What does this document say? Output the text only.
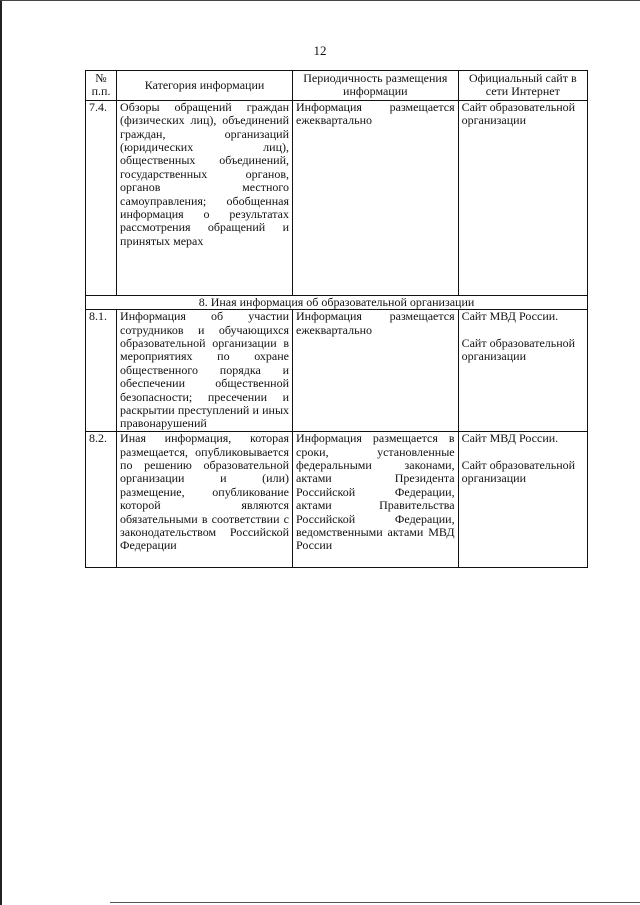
12
№ п.п.	Категория информации	Периодичность размещения информации	Официальный сайт в сети Интернет
7.4.	Обзоры обращений граждан (физических лиц), объединений граждан, организаций (юридических лиц), общественных объединений, государственных органов, органов местного самоуправления; обобщенная информация о результатах рассмотрения обращений и принятых мерах	Информация размещается ежеквартально	Сайт образовательной организации

8. Иная информация об образовательной организации			
8.1.	Информация об участии сотрудников и обучающихся образовательной организации в мероприятиях по охране общественного порядка и обеспечении общественной безопасности; пресечении и раскрытии преступлений и иных правонарушений	Информация размещается ежеквартально	Сайт МВД России.
Сайт образовательной организации

8.2.	Иная информация, которая размещается, опубликовывается по решению образовательной организации и (или) размещение, опубликование которой являются обязательными в соответствии с законодательством Российской Федерации	Информация размещается в сроки, установленные федеральными законами, актами Президента Российской Федерации, актами Правительства Российской Федерации, ведомственными актами МВД России	Сайт МВД России.
Сайт образовательной организации
